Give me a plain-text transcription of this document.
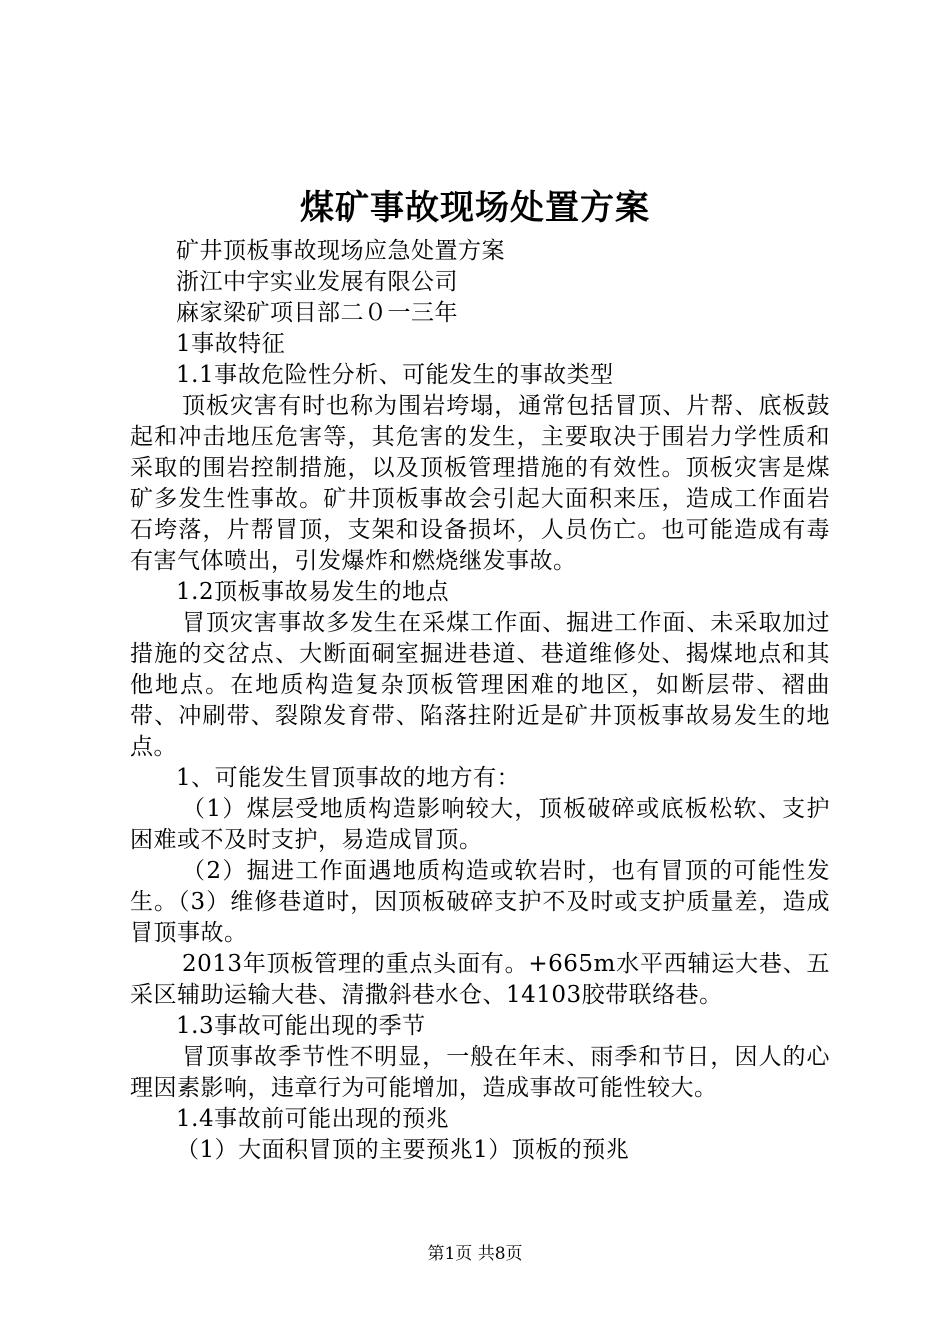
煤矿事故现场处置方案

矿井顶板事故现场应急处置方案

浙江中宇实业发展有限公司

麻家梁矿项目部二０一三年

1事故特征

1.1事故危险性分析、可能发生的事故类型

顶板灾害有时也称为围岩垮塌，通常包括冒顶、片帮、底板鼓起和冲击地压危害等，其危害的发生，主要取决于围岩力学性质和采取的围岩控制措施，以及顶板管理措施的有效性。顶板灾害是煤矿多发生性事故。矿井顶板事故会引起大面积来压，造成工作面岩石垮落，片帮冒顶，支架和设备损坏，人员伤亡。也可能造成有毒有害气体喷出，引发爆炸和燃烧继发事故。

1.2顶板事故易发生的地点

冒顶灾害事故多发生在采煤工作面、掘进工作面、未采取加过措施的交岔点、大断面硐室掘进巷道、巷道维修处、揭煤地点和其他地点。在地质构造复杂顶板管理困难的地区，如断层带、褶曲带、冲刷带、裂隙发育带、陷落拄附近是矿井顶板事故易发生的地点。

1、可能发生冒顶事故的地方有：

（1）煤层受地质构造影响较大，顶板破碎或底板松软、支护困难或不及时支护，易造成冒顶。

（2）掘进工作面遇地质构造或软岩时，也有冒顶的可能性发生。（3）维修巷道时，因顶板破碎支护不及时或支护质量差，造成冒顶事故。

2013年顶板管理的重点头面有。+665m水平西辅运大巷、五采区辅助运输大巷、清撒斜巷水仓、14103胶带联络巷。

1.3事故可能出现的季节

冒顶事故季节性不明显，一般在年末、雨季和节日，因人的心理因素影响，违章行为可能增加，造成事故可能性较大。

1.4事故前可能出现的预兆

（1）大面积冒顶的主要预兆1）顶板的预兆

第1页 共8页
